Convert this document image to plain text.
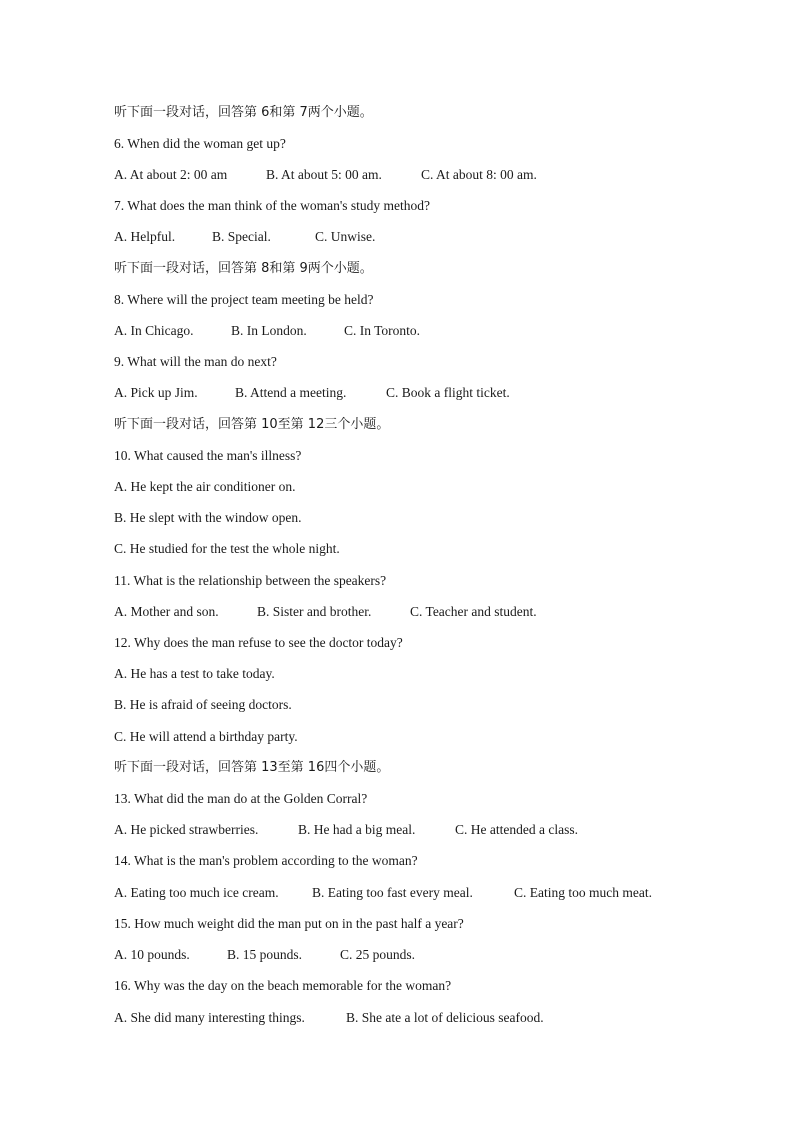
听下面一段对话，回答第 6和第 7两个小题。
6. When did the woman get up?
A. At about 2: 00 am	B. At about 5: 00 am.	C. At about 8: 00 am.
7. What does the man think of the woman's study method?
A. Helpful.	B. Special.	C. Unwise.
听下面一段对话，回答第 8和第 9两个小题。
8. Where will the project team meeting be held?
A. In Chicago.	B. In London.	C. In Toronto.
9. What will the man do next?
A. Pick up Jim.	B. Attend a meeting.	C. Book a flight ticket.
听下面一段对话，回答第 10至第 12三个小题。
10. What caused the man's illness?
A. He kept the air conditioner on.
B. He slept with the window open.
C. He studied for the test the whole night.
11. What is the relationship between the speakers?
A. Mother and son.	B. Sister and brother.	C. Teacher and student.
12. Why does the man refuse to see the doctor today?
A. He has a test to take today.
B. He is afraid of seeing doctors.
C. He will attend a birthday party.
听下面一段对话，回答第 13至第 16四个小题。
13. What did the man do at the Golden Corral?
A. He picked strawberries.	B. He had a big meal.	C. He attended a class.
14. What is the man's problem according to the woman?
A. Eating too much ice cream. B. Eating too fast every meal.	C. Eating too much meat.
15. How much weight did the man put on in the past half a year?
A. 10 pounds.	B. 15 pounds.	C. 25 pounds.
16. Why was the day on the beach memorable for the woman?
A. She did many interesting things.	B. She ate a lot of delicious seafood.
